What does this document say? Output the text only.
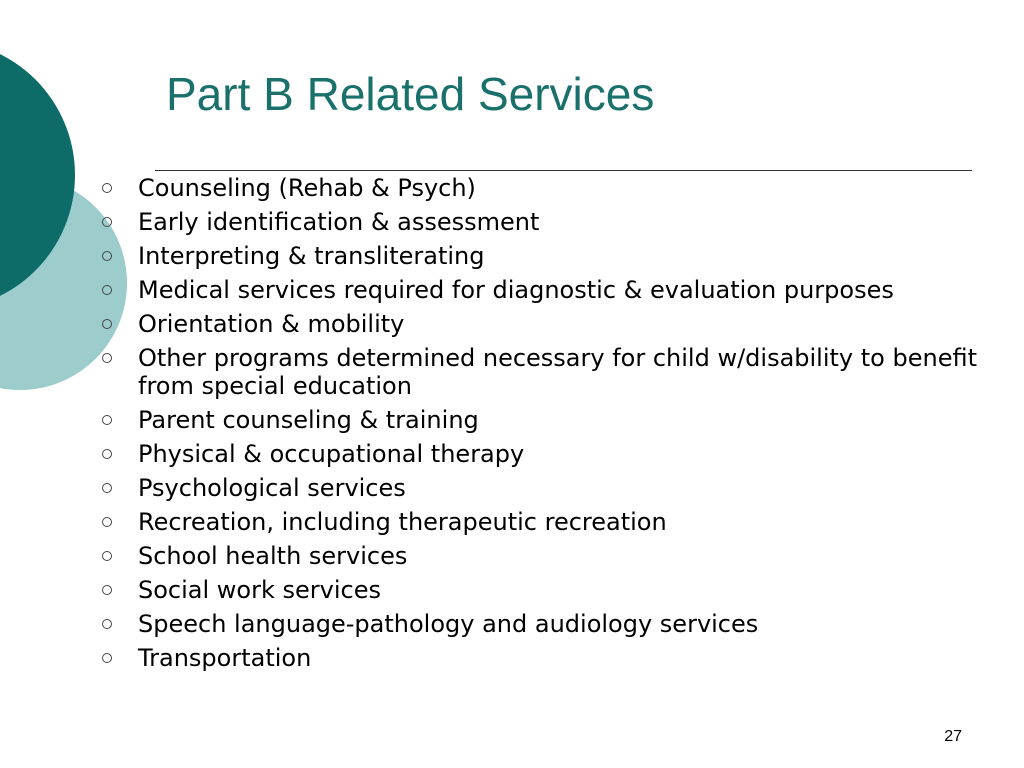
Part B Related Services
Counseling (Rehab & Psych)
Early identification & assessment
Interpreting & transliterating
Medical services required for diagnostic & evaluation purposes
Orientation & mobility
Other programs determined necessary for child w/disability to benefit from special education
Parent counseling & training
Physical & occupational therapy
Psychological services
Recreation, including therapeutic recreation
School health services
Social work services
Speech language-pathology and audiology services
Transportation
27
